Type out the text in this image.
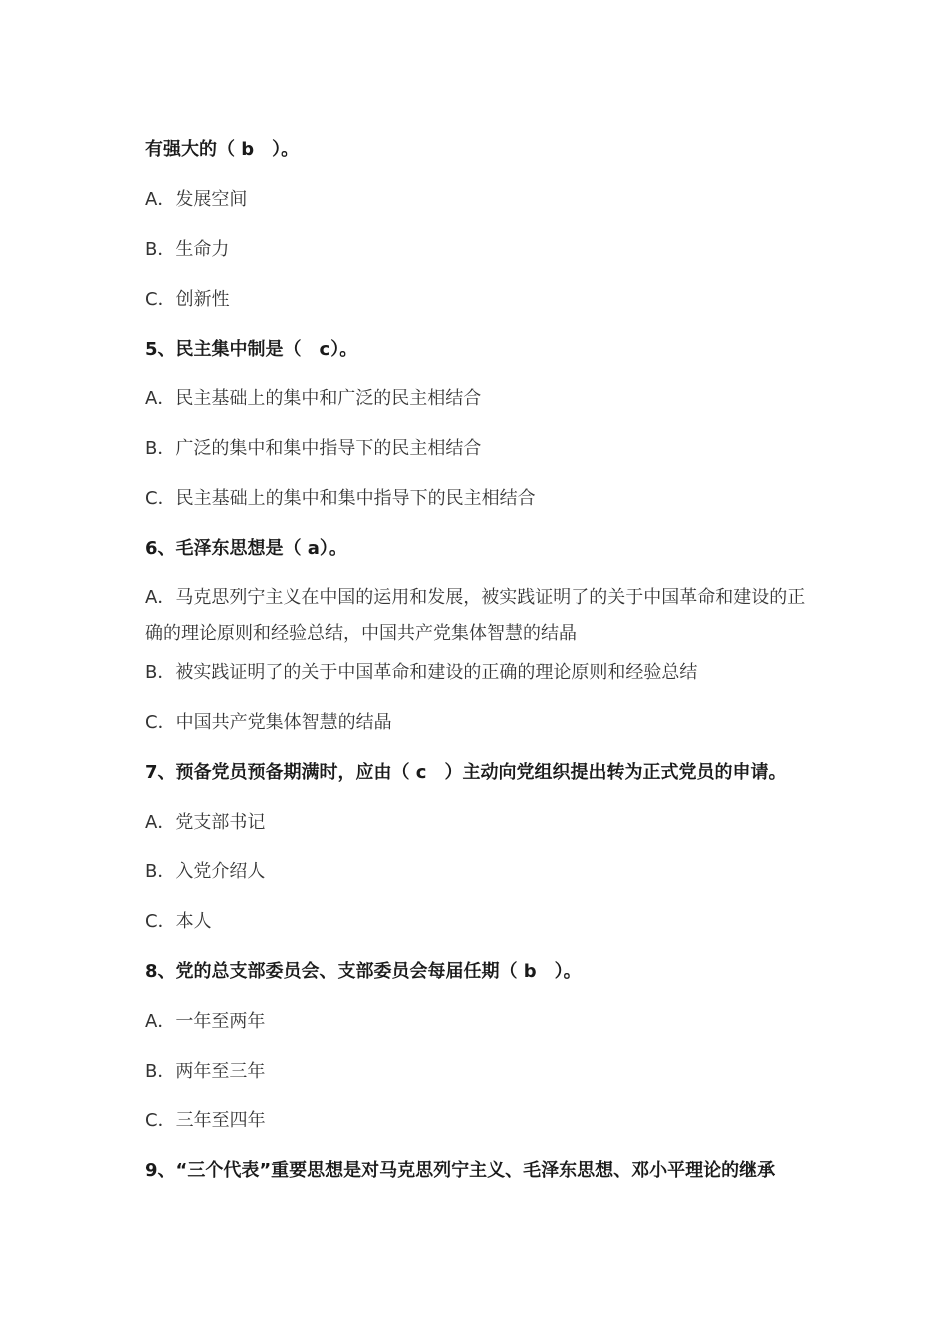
有强大的（ b　）。
A．发展空间
B．生命力
C．创新性
5、民主集中制是（　c）。
A．民主基础上的集中和广泛的民主相结合
B．广泛的集中和集中指导下的民主相结合
C．民主基础上的集中和集中指导下的民主相结合
6、毛泽东思想是（ a）。
A．马克思列宁主义在中国的运用和发展，被实践证明了的关于中国革命和建设的正确的理论原则和经验总结，中国共产党集体智慧的结晶
B．被实践证明了的关于中国革命和建设的正确的理论原则和经验总结
C．中国共产党集体智慧的结晶
7、预备党员预备期满时，应由（ c　）主动向党组织提出转为正式党员的申请。
A．党支部书记
B．入党介绍人
C．本人
8、党的总支部委员会、支部委员会每届任期（ b　）。
A．一年至两年
B．两年至三年
C．三年至四年
9、“三个代表”重要思想是对马克思列宁主义、毛泽东思想、邓小平理论的继承
